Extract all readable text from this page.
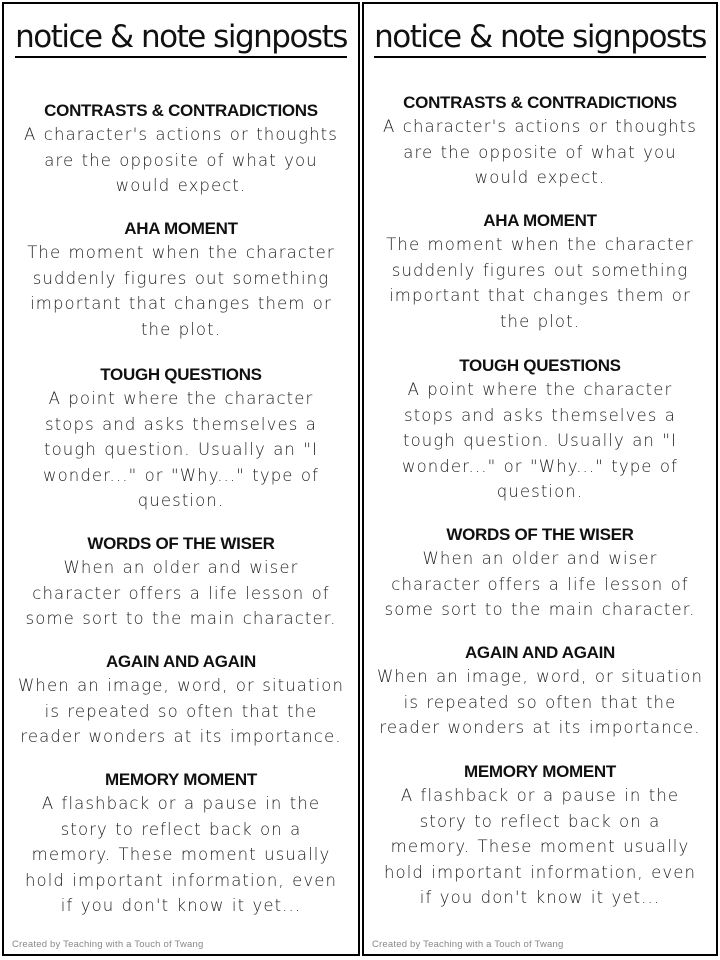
notice & note signposts
CONTRASTS & CONTRADICTIONS
A character's actions or thoughts
are the opposite of what you
would expect.
AHA MOMENT
The moment when the character
suddenly figures out something
important that changes them or
the plot.
TOUGH QUESTIONS
A point where the character
stops and asks themselves a
tough question. Usually an "I
wonder..." or "Why..." type of
question.
WORDS OF THE WISER
When an older and wiser
character offers a life lesson of
some sort to the main character.
AGAIN AND AGAIN
When an image, word, or situation
is repeated so often that the
reader wonders at its importance.
MEMORY MOMENT
A flashback or a pause in the
story to reflect back on a
memory. These moment usually
hold important information, even
if you don't know it yet...
Created by Teaching with a Touch of Twang
notice & note signposts
CONTRASTS & CONTRADICTIONS
A character's actions or thoughts
are the opposite of what you
would expect.
AHA MOMENT
The moment when the character
suddenly figures out something
important that changes them or
the plot.
TOUGH QUESTIONS
A point where the character
stops and asks themselves a
tough question. Usually an "I
wonder..." or "Why..." type of
question.
WORDS OF THE WISER
When an older and wiser
character offers a life lesson of
some sort to the main character.
AGAIN AND AGAIN
When an image, word, or situation
is repeated so often that the
reader wonders at its importance.
MEMORY MOMENT
A flashback or a pause in the
story to reflect back on a
memory. These moment usually
hold important information, even
if you don't know it yet...
Created by Teaching with a Touch of Twang
